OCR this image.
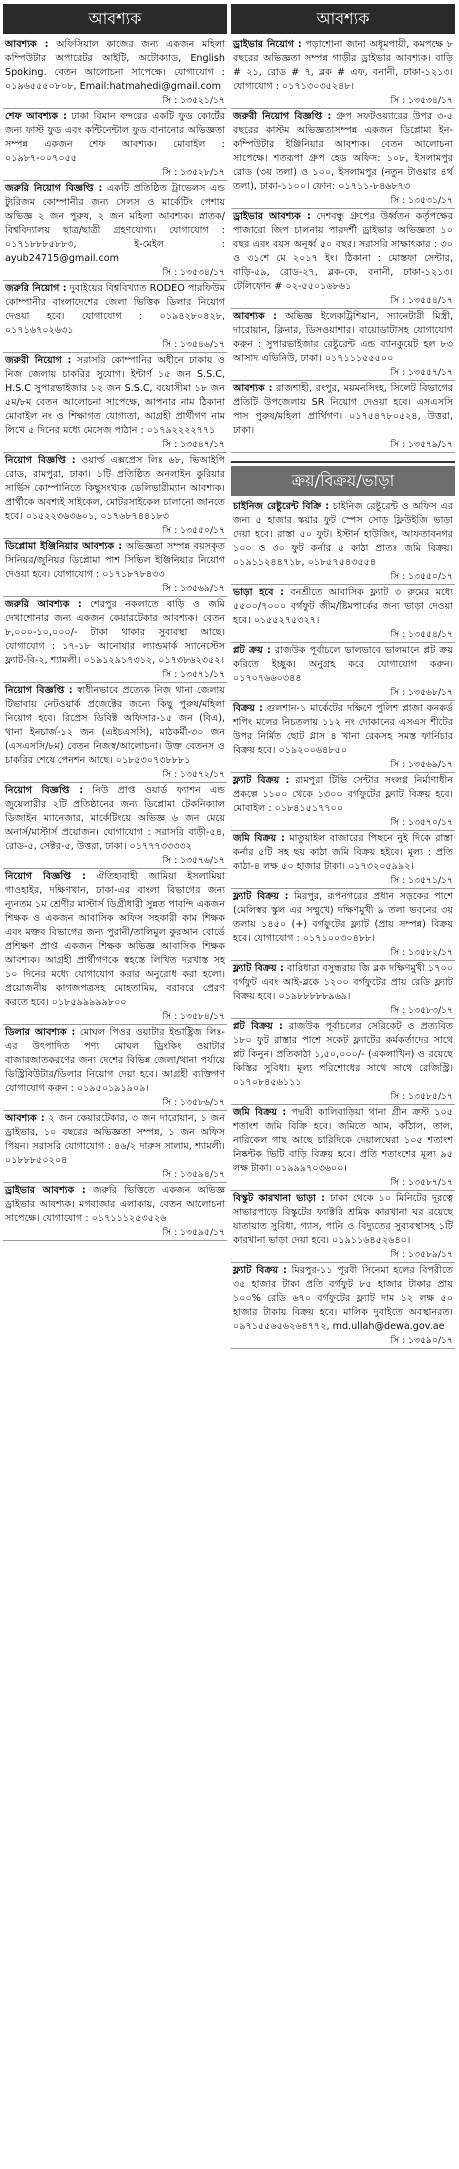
আবশ্যক
আবশ্যক : অফিসিয়াল কাজের জন্য একজন মহিলা কম্পিউটার অপারেটর আইটি, অটোক্যাড, English Spoking. বেতন আলোচনা সাপেক্ষে। যোগাযোগ : ০১৯৬৫৫৫০৮০৮, Email:hatmahedi@gmail.com
সি : ১৩৫২১/১৭
শেফ আবশ্যক : ঢাকা বিমান বন্দরের একটি ফুড কোর্টের জন্য ফাস্ট ফুড এবং কন্টিনেন্টাল ফুড বানানোর অভিজ্ঞতা সম্পন্ন একজন শেফ আবশ্যক। মোবাইল : ০১৯৮৭-০০৭০৫৫
সি : ১৩৫২৮/১৭
জরুরি নিয়োগ বিজ্ঞপ্তি : একটি প্রতিষ্ঠিত ট্রাভেলস এন্ড ট্যুরিজম কোম্পানীর জন্য সেলস ও মার্কেটিং পেশায় অভিজ্ঞ ২ জন পুরুষ, ২ জন মহিলা আবশ্যক। স্নাতক/বিশ্ববিদ্যালয় ছাত্র/ছাত্রী গ্রহণযোগ্য। যোগাযোগ : ০১৭১৮৮৮৫৮৮৩, ই-মেইল : ayub24715@gmail.com
সি : ১৩৫৩৪/১৭
জরুরি নিয়োগ : দুবাইয়ের বিশ্ববিখ্যাত RODEO পারফিউম কোম্পানীর বাংলাদেশের জেলা ভিত্তিক ডিলার নিয়োগ দেওয়া হবে। যোগাযোগ : ০১৯৪২৮০৪২৮, ০১৭১৬৭০২৬৩১
সি : ১৩৫৪৬/১৭
জরুরী নিয়োগ : সরাসরি কোম্পানির অধীনে ঢাকায় ও নিজ জেলায় চাকরির সুযোগ। ইন্টার্ণ ১৫ জন S.S.C, H.S.C সুপারভাইজার ১২ জন S.S.C, বয়োসীমা ১৮ জন ৫ম/৮ম বেতন আলোচনা সাপেক্ষে, আপনার নাম ঠিকানা মোবাইল নং ও শিক্ষাগত যোগ্যতা, আগ্রহী প্রার্থীগণ নাম লিখে ৫ দিনের মধ্যে মেসেজ পাঠান : ০১৭৯২২২২৭৭১
সি : ১৩৫৪৭/১৭
নিয়োগ বিজ্ঞপ্তি : ওয়ার্ল্ড এক্সপ্রেস লিঃ ৬৮, ভিআইপি রোড, রামপুরা, ঢাকা। ১টি প্রতিষ্ঠিত অনলাইন কুরিয়ার সার্ভিস কোম্পানিতে কিছুসংখ্যক ডেলিভারীম্যান আবশ্যক। প্রার্থীকে অবশ্যই সাইকেল, মোটরসাইকেল চালানো জানতে হবে। ০১৫২২৩৬৩৬০১, ০১৭৬৮৭৪৪১৮৩
সি : ১৩৫৫০/১৭
ডিপ্লোমা ইঞ্জিনিয়ার আবশ্যক : অভিজ্ঞতা সম্পন্ন বয়সকৃত সিনিয়র/জুনিয়র ডিপ্লোমা পাশ সিভিল ইঞ্জিনিয়ার নিয়োগ দেওয়া হবে। যোগাযোগ : ০১৭১৮৭৮৪৩৩
সি : ১৩৫৬৯/১৭
জরুরি আবশ্যক : শেরপুর নকলাতে বাড়ি ও জমি দেখাশোনার জন্য একজন কেয়ারটেকার আবশ্যক। বেতন ৮,০০০-১০,০০০/- টাকা থাকার সুব্যবস্থা আছে। যোগাযোগ : ১৭-১৮ আনোয়ার ল্যান্ডমার্ক স্যানেস্টেস ফ্ল্যাট-বি-২, শ্যামলী। ০১৯১২৯১৭৩১২, ০১৭৩৮৬২৩৫২।
সি : ১৩৫৭১/১৭
নিয়োগ বিজ্ঞপ্তি : স্বাধীনভাবে প্রত্যেক নিজ থানা জেলায় টিভাবায় নেটওয়ার্ক প্রজেক্টের জন্যে কিছু পুরুষ/মহিলা নিয়োগ হবে। রিপ্রেস ডিবিক্ট অফিসার-১৫ জন (বিএ), থানা ইনচার্জ-১২ জন (এইচএসসি), মাঠকর্মী-৩০ জন (এসএসসি/৮ম) বেতন নিজস্ব/আলোচনা। উক্ত বেতনস ও চাকরির শেষে পেনশন আছে। ০১৮৫৩০৭৩৮৮৮১
সি : ১৩৫৭২/১৭
নিয়োগ বিজ্ঞপ্তি : নিউ প্রাপ্ত ওয়ার্ড ফ্যাশন এন্ড জুয়েলারীর ২টি প্রতিষ্ঠানের জন্য ডিপ্লোমা টেকনিক্যাল ডিজাইন ম্যানেজার, মার্কেটিংয়ে অভিজ্ঞ ৬ জন মেয়ে অনার্স/মাস্টার্স প্রয়োজন। যোগাযোগ : সরাসরি বাড়ী-৫৪, রোড-৫, সেক্টর-৫, উত্তরা, ঢাকা। ০১৭৭৭৩৩৩৩২
সি : ১৩৫৭৬/১৭
নিয়োগ বিজ্ঞপ্তি : ঐতিহ্যবাহী জামিয়া ইসলামিয়া গাওহাইর, দক্ষিণখান, ঢাকা-এর বাংলা বিভাগের জন্য ন্যূনতম ১ম শ্রেণীর মাস্টার্স ডিগ্রীধারী সুন্নত পাবন্দি একজন শিক্ষক ও একজন আবাসিক অফিস সহকারী কাম শিক্ষক এবং মক্তব বিভাগের জন্য পুরানী/তালিমুল কুরআন বোর্ডে প্রশিক্ষণ প্রাপ্ত একজন শিক্ষক অভিজ্ঞ আবাসিক শিক্ষক আবশ্যক। আগ্রহী প্রার্থীগণকে স্বহস্তে লিখিত দরখাস্ত সহ ১০ দিনের মধ্যে যোগাযোগ করার অনুরোধ করা হলো। প্রয়োজনীয় কাগজপত্রসহ মোহতামিম, বরাবরে প্রেরণ করতে হবে। ০১৮৫৯৯৯৯৯৮০০
সি : ১৩৫৮৪/১৭
ডিলার আবশ্যক : মোঘল পিওর ওয়াটার ইন্ডাষ্ট্রিজ লিঃ-এর উৎপাদিত পণ্য মোঘল ড্রিংকিং ওয়াটার বাজারজাতকরণের জন্য দেশের বিভিন্ন জেলা/থানা পর্যায়ে ডিস্ট্রিবিউটার/ডিলার নিয়োগ দেয়া হবে। আগ্রহী ব্যক্তিগণ যোগাযোগ করুন : ০১৯৫০১৯১৯০৯।
সি : ১৩৫৮৬/১৭
আবশ্যক : ২ জন কেয়ারটেকার, ৩ জন দারোয়ান, ১ জন ড্রাইভার, ১০ বছরের অভিজ্ঞতা সম্পন্ন, ১ জন অফিস পিয়ন। সরাসরি যোগাযোগ : ৪৬/২ দারুস সালাম, শ্যামলী। ০১৮৮৮৫০২০৪
সি : ১৩৫৯৪/১৭
ড্রাইভার আবশ্যক : জরুরি ভিত্তিতে একজন অভিজ্ঞ ড্রাইভার আবশ্যক। মগবাজার এলাকায়, বেতন আলোচনা সাপেক্ষে। যোগাযোগ : ০১৭১১১২৫৩৫২৬
সি : ১৩৫৯৫/১৭
আবশ্যক
ড্রাইভার নিয়োগ : পড়াশোনা জানা অধূমপায়ী, কমপক্ষে ৮ বছরের অভিজ্ঞতা সম্পন্ন গাড়ীর ড্রাইভার আবশ্যক। বাড়ি # ২১, রোড # ৭, ব্লক # এফ, বনানী, ঢাকা-১২১৩। যোগাযোগ : ০১৭১৩০৩৫২৪৮।
সি : ১৩৫৩৪/১৭
জরুরী নিয়োগ বিজ্ঞপ্তি : গ্রুপ সফটওয়্যারের উপর ৩-৫ বছরের কাস্টম অভিজ্ঞতাসম্পন্ন একজন ডিপ্লোমা ইন-কম্পিউটার ইঞ্জিনিয়ার আবশ্যক। বেতন আলোচনা সাপেক্ষে। শতরূপা গ্রুপ হেড অফিস: ১০৮, ইসলামপুর রোড (৩য় তলা) ও ১০০, ইসলামপুর (নতুন টাওয়ার ৪র্থ তলা), ঢাকা-১১০০। ফোন: ০১৭১১-৮৪৬৮৭৩
সি : ১৩৫৩১/১৭
ড্রাইভার আবশ্যক : দেশবন্ধু গ্রুপের উর্ধ্বতন কর্তৃপক্ষের পাজারো জিপ চালনায় পারদর্শী ড্রাইভার অভিজ্ঞতা ১০ বছর এবং বয়স অনূর্ধ্ব ৫০ বছর। সরাসরি সাক্ষাৎকার : ৩০ ও ৩১শে মে ২০১৭ ইং। ঠিকানা : মোস্তফা সেন্টার, বাড়ি-৫৯, রোড-২৭, ব্লক-কে, বনানী, ঢাকা-১২১৩। টেলিফোন # ০২-৫৫০১৬৮৬১
সি : ১৩৫৫৪/১৭
আবশ্যক : অভিজ্ঞ ইলেকট্রিশিয়ান, স্যানেটারী মিস্ত্রী, দারোয়ান, ক্লিনার, ডিসওয়াশার। বায়োডাটাসহ যোগাযোগ করুন : সুপারভাইজার রেষ্টুরেন্ট এন্ড ব্যানকুয়েট হল ৮৩ আসাদ এভিনিউ, ঢাকা। ০১৭১১১৫৫৫০০
সি : ১৩৫৫৭/১৭
আবশ্যক : রাজশাহী, রংপুর, ময়মনসিংহ, সিলেট বিভাগের প্রতিটি উপজেলায় SR নিয়োগ দেওয়া হবে। এসএসসি পাস পুরুষ/মহিলা প্রার্থিগণ। ০১৭৫৪৭৮০৫২৪, উত্তরা, ঢাকা।
সি : ১৩৫৭৯/১৭
ক্রয়/বিক্রয়/ভাড়া
চাইনিজ রেষ্টুরেন্ট বিক্রি : চাইনিজ রেষ্টুরেন্ট ও অফিস এর জন্য ৫ হাজার স্কয়ার ফুট স্পেস সোড় ফ্লিউইজি ভাড়া দেয়া হবে। রাস্তা ৫০ ফুট। ইস্টার্ন হাউজিং, আফতাবনগর ১০০ ও ৩০ ফুট কর্নার ৫ কাঠা প্রাতঃ জমি বিক্রয়। ০১৯১১২৪৪৭১৮, ০১৮৫৭৫৪৩৫৫৪
সি : ১৩৫৫০/১৭
ভাড়া হবে : বনশ্রীতে আবাসিক ফ্ল্যাট ৩ রুমের মধ্যে ৫৫০০/৭০০০ বর্গফুট জীম/ষ্টিমপার্কের জন্য ভাড়া দেওয়া হবে। ০১৫৫২৭৫৩২৭।
সি : ১৩৫৫৪/১৭
প্লট ক্রয় : রাজউক পূর্বাচলে ভালভাবে ভালমানে প্লট ক্রয় করিতে ইচ্ছুক। অনুগ্রহ করে যোগাযোগ করুন। ০১৭০৭৬৬০৩৪৪
সি : ১৩৫৬৮/১৭
বিক্রয় : গুলশান-১ মার্কেটের দক্ষিণে পুলিশ প্লাজা কনকর্ড শপিং মলের নিচতলায় ১১২ নং দোকানের এসএস শীটের উপর নির্মিত ছোট গ্লাস ৪ খানা রেকসহ সমস্ত ফার্নিচার বিক্রয় হবে। ০১৯২০০৬৪৮৫০
সি : ১৩৫৬৯/১৭
ফ্ল্যাট বিক্রয় : রামপুরা টিভি সেন্টার সংলগ্ন নির্মাণাধীন প্রকল্পে ১১০০ থেকে ১৩০০ বর্গফুটের ফ্ল্যাট বিক্রয় হবে। মোবাইল : ০১৮৪১৫১৭৭০০
সি : ১৩৫৭০/১৭
জমি বিক্রয় : মাতুয়াইল বাজারের পিছনে নুই দিকে রাস্তা কর্নার ৫টি সহ ছয় কাঠা জমি বিক্রয় হইবে। মূল্য : প্রতি কাঠা-৪ লক্ষ ৫০ হাজার টাকা। ০১৭৩২০৫৯৯২।
সি : ১৩৫৭১/১৭
ফ্ল্যাট বিক্রয় : মিরপুর, রূপনগরের প্রধান সড়কের পাশে (মেলিস্বর স্কুল এর সম্মুখে) দক্ষিণমুখী ৯ তলা ভবনের ৩য় তলায় ১৪৫০ (+) বর্গফুটের ফ্ল্যাট (প্রায় সম্পন্ন) বিক্রয় হবে। যোগাযোগ : ০১৭১০০৩০৪৮৮।
সি : ১৩৫৮২/১৭
ফ্ল্যাট বিক্রয় : বারিধারা বসুন্ধরায় জি ব্লক দক্ষিণমুখী ১৭০০ বর্গফুট এবং আই-ব্লকে ১২০০ বর্গফুটের প্রায় রেডি ফ্ল্যাট বিক্রয় হবে। ০১৯৮৮৮৮৮৯৬৯।
সি : ১৩৫৮৩/১৭
প্লট বিক্রয় : রাজউক পূর্বাচলের সেরিকেট ও প্রত্যবিত ১৮০ ফুট রাস্তার পাশে সকেট ফ্ল্যাটের কর্মকর্তাদের সাথে প্লট কিনুন। প্রতিকাঠা ১,৫০,০০০/- (একলাখিন) ও রয়েছে কিস্তির সুবিধা। মূল্য পরিশোধের সাথে সাথে রেজিস্ট্রি। ০১৭০৮৪৫৬১১১
সি : ১৩৫৮৫/১৭
জমি বিক্রয় : পদ্মবী কালিবাড়িয়া থানা গ্রীন ক্রস্ট ১০৫ শতাংশ জমি বিক্রি হবে। জমিতে আম, কাঁঠাল, তাল, নারিকেল গাছ আছে চারিদিকে দেয়ালঘেরা ১০৫ শতাংশ নিষ্কন্টক ভিটি বাড়ি বিক্রয় হবে। প্রতি শতাংশের মূল্য ৯৫ লক্ষ টাকা। ০১৯৯৯৭০৩৬০০।
সি : ১৩৫৮৭/১৭
বিস্কুট কারখানা ভাড়া : ঢাকা থেকে ১০ মিনিটের দূরত্বে সাভারপাড়ে বিস্কুটের ফ্যাক্টরি শ্রমিক কারখানা ঘর রয়েছে যাতায়াত সুবিধা, গ্যাস, পানি ও বিদ্যুতের সুব্যবস্থাসহ ১টি কারখানা ভাড়া দেয়া হবে। ০১৯১১৬৪৫২৬৪০।
সি : ১৩৫৮৯/১৭
ফ্ল্যাট বিক্রয় : মিরপুর-১১ পূরবী সিনেমা হলের বিপরীতে ৩৫ হাজার টাকা প্রতি বর্গফুট ৮৫ হাজার টাকার প্রায় ১০০% রেডি ৬৭০ বর্গফুটের ফ্ল্যাট দাম ১২ লক্ষ ৫০ হাজার টাকায় বিক্রয় হবে। মালিক দুবাইতে অবস্থানরত। ০৯৭১৫৫৬৫৬২৬৪৭৭২, md.ullah@dewa.gov.ae
সি : ১৩৫৯০/১৭
